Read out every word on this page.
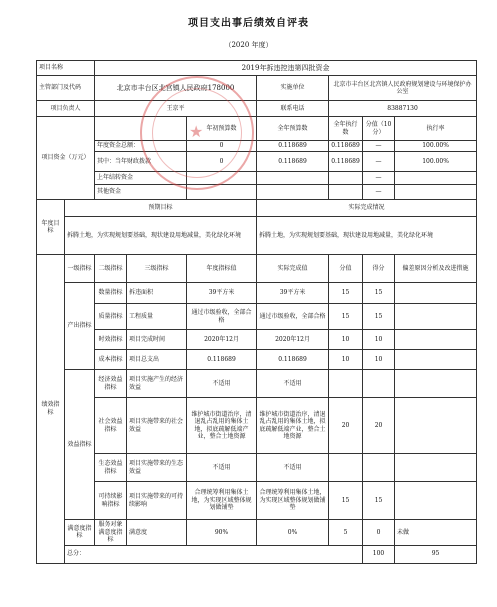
项目支出事后绩效自评表
（2020 年度）
项目名称		2019年拆违控违第四批资金							
主管部门及代码		北京市丰台区北宫镇人民政府178000			实施单位	北京市丰台区北宫镇人民政府规划建设与环境保护办公室			
项目负责人		王京平			联系电话	83887130			
项目资金（万元）				年初预算数	全年预算数	全年执行数	分值（10分）	执行率	
		年度资金总额：		0	0.118689	0.118689	—	100.00%	
		其中：当年财政拨款		0	0.118689	0.118689	—	100.00%	
		上年结转资金					—		
		其他资金					—		
年度目标	预期目标				实际完成情况				
	拆腾土地，为实现规划要基础，现状建设用地减量，美化绿化环境				拆腾土地，为实现规划要基础，现状建设用地减量，美化绿化环境				
绩效指标	一级指标	二级指标	三级指标	年度指标值	实际完成值	分值	得分	偏差原因分析及改进措施	
	产出指标	数量指标	拆违面积	39平方米	39平方米	15	15		
		质量指标	工程质量	通过市级验收，全部合格	通过市级验收，全部合格	15	15		
		时效指标	项目完成时间	2020年12月	2020年12月	10	10		
		成本指标	项目总支出	0.118689	0.118689	10	10		
	效益指标	经济效益指标	项目实施产生的经济效益	不适用	不适用				
		社会效益指标	项目实施带来的社会效益	维护城市街道治序，清退乱占乱用的集体土地，拟底疏解低端产业，整合土地资源	维护城市街道治序，清退乱占乱用的集体土地，拟底疏解低端产业，整合土地资源	20	20		
		生态效益指标	项目实施带来的生态效益	不适用	不适用				
		可持续影响指标	项目实施带来的可持续影响	合理统筹利用集体土地，为实现区域整体规划做铺垫	合理统筹利用集体土地，为实现区域整体规划做铺垫	15	15		
	满意度指标	服务对象满意度指标	满意度	90%	0%	5	0	未做	
	总分：						100	95	
★
